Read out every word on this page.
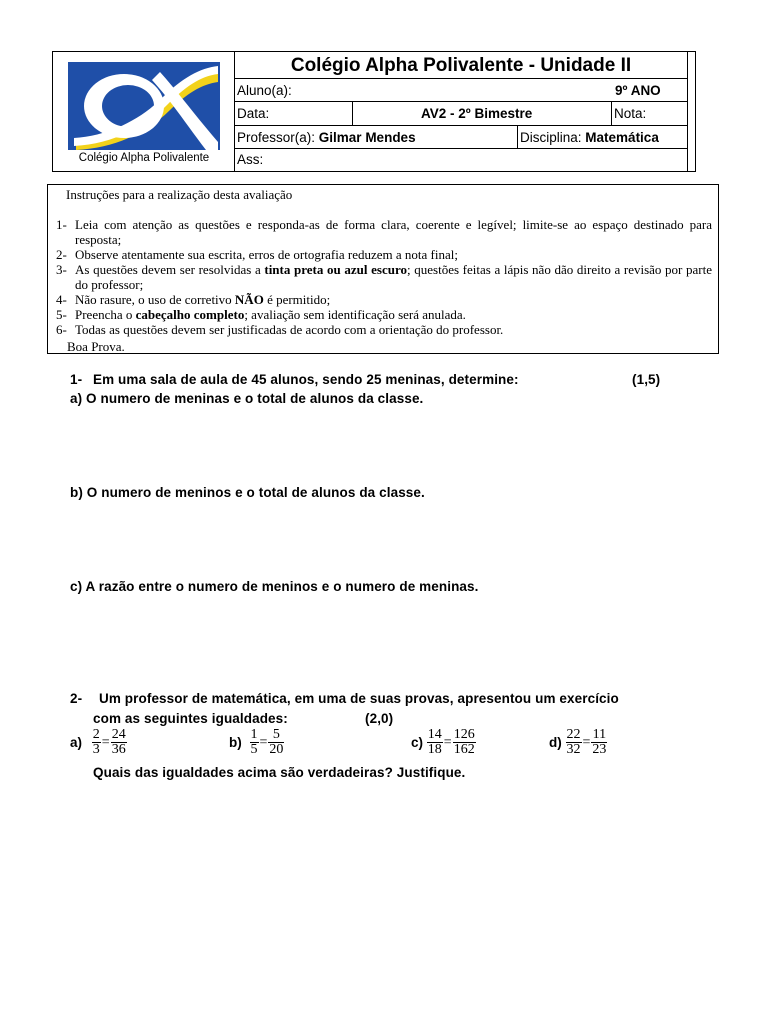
Colégio Alpha Polivalente
Colégio Alpha Polivalente - Unidade II
Aluno(a):	9º ANO
Data:	AV2 - 2º Bimestre	Nota:
Professor(a): Gilmar Mendes	Disciplina: Matemática
Ass:
Instruções para a realização desta avaliação
1- Leia com atenção as questões e responda-as de forma clara, coerente e legível; limite-se ao espaço destinado para resposta;
2- Observe atentamente sua escrita, erros de ortografia reduzem a nota final;
3- As questões devem ser resolvidas a tinta preta ou azul escuro; questões feitas a lápis não dão direito a revisão por parte do professor;
4- Não rasure, o uso de corretivo NÃO é permitido;
5- Preencha o cabeçalho completo; avaliação sem identificação será anulada.
6- Todas as questões devem ser justificadas de acordo com a orientação do professor.
Boa Prova.
1- Em uma sala de aula de 45 alunos, sendo 25 meninas, determine:	(1,5)
a) O numero de meninas e o total de alunos da classe.
b) O numero de meninos e o total de alunos da classe.
c) A razão entre o numero de meninos e o numero de meninas.
2- Um professor de matemática, em uma de suas provas, apresentou um exercício
com as seguintes igualdades:	(2,0)
$a) \frac{2}{3} = \frac{24}{36}$	$b) \frac{1}{5} = \frac{5}{20}$	$c) \frac{14}{18} = \frac{126}{162}$	$d) \frac{22}{32} = \frac{11}{23}$
Quais das igualdades acima são verdadeiras? Justifique.
